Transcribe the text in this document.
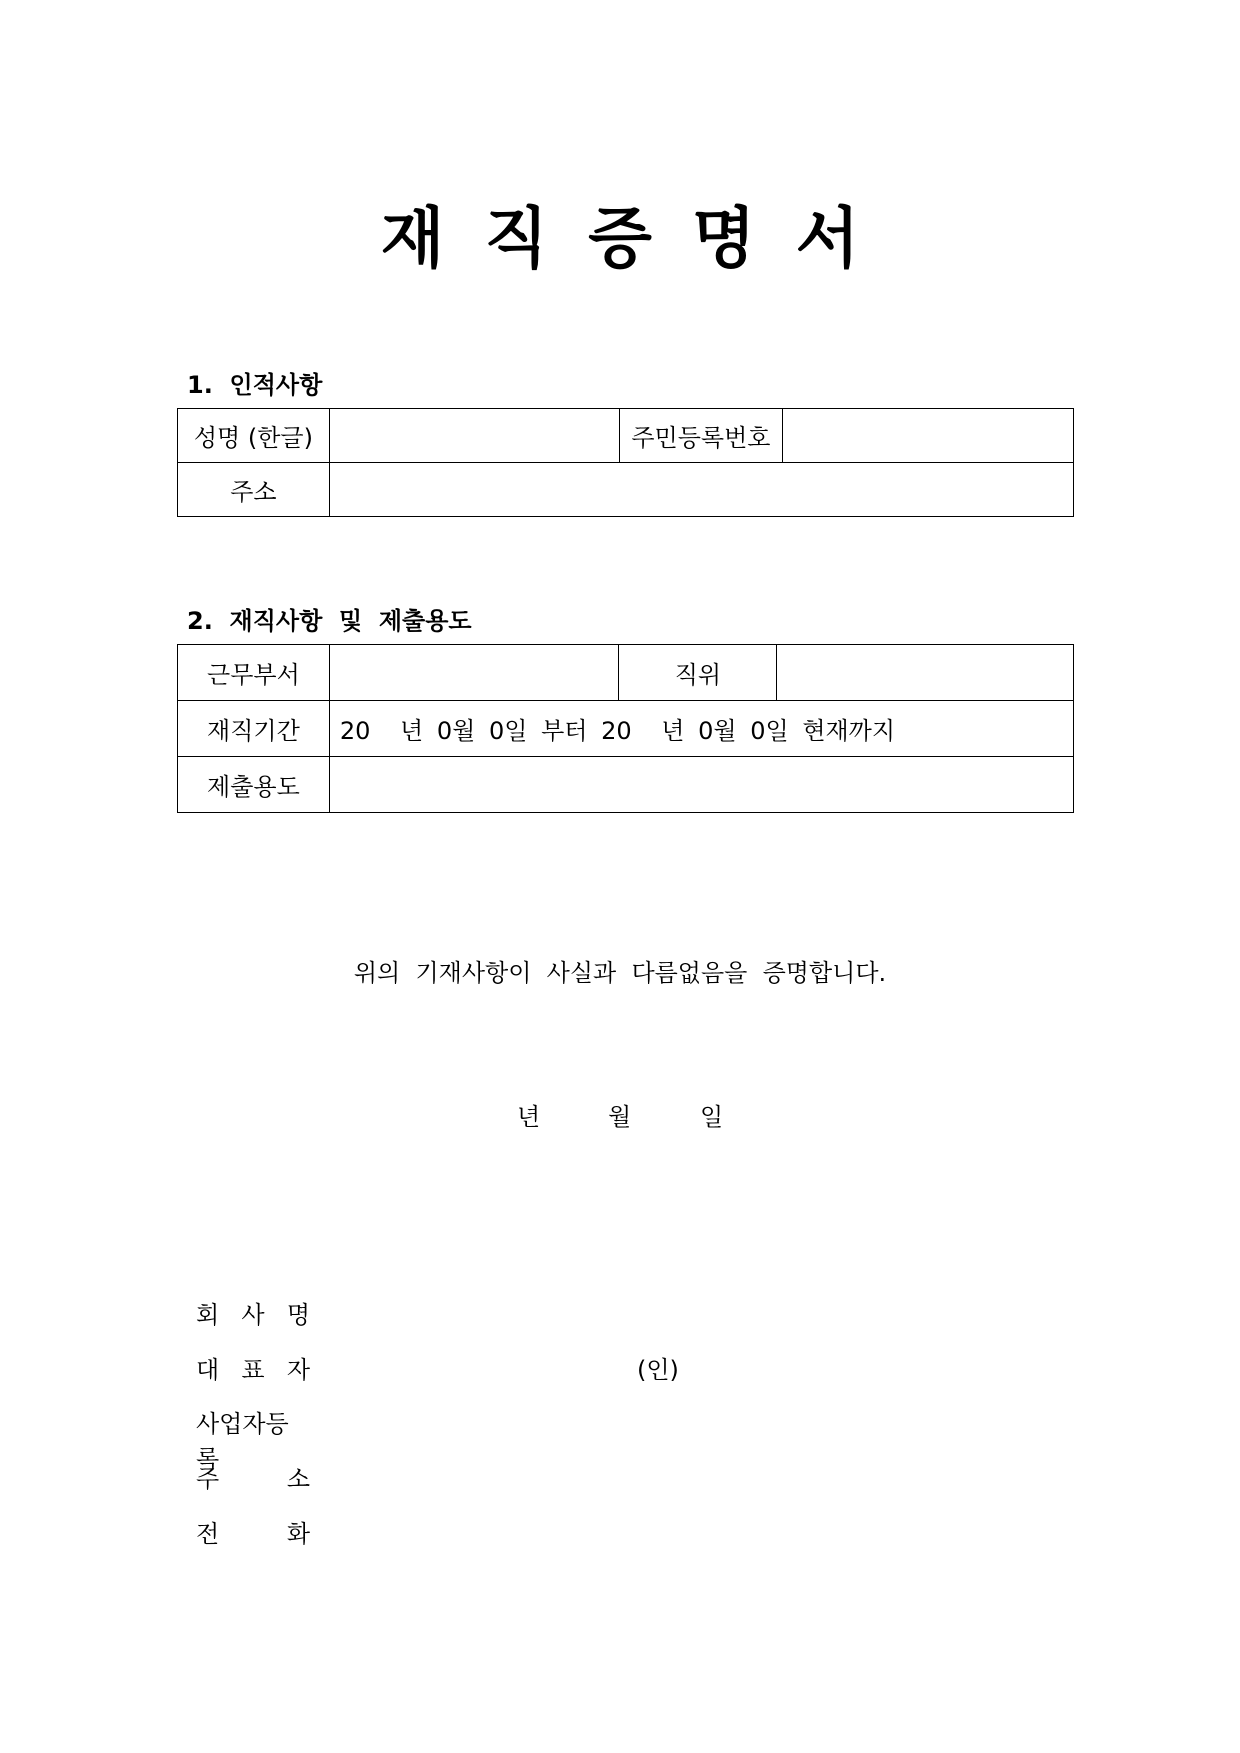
재 직 증 명 서
1.  인적사항
성명 (한글)		주민등록번호	
주소			
2.  재직사항  및  제출용도
근무부서		직위	
재직기간	20 년 0월 0일 부터 20 년 0월 0일 현재까지		
제출용도			
위의  기재사항이  사실과  다름없음을  증명합니다.
년	월	일
회 사 명
대 표 자	(인)
사업자등록
주	소
전	화
